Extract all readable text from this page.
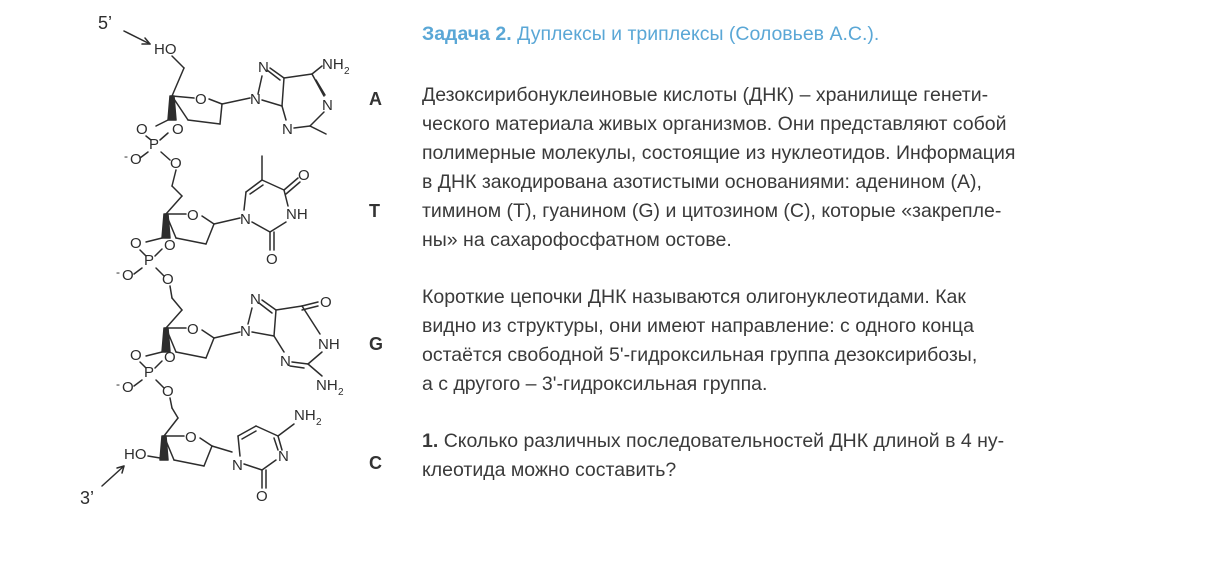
5’
HO
O
O
P
O
O
-	O
N
N
N
N
NH 2
A
O
O
P
O
O
-	O
N NH
O
O
T
O
O
P
O
O
-	O
N
N	O
NH
N
NH 2
G
O
HO
N
N
NH 2
O
C
3’
Задача 2. Дуплексы и триплексы (Соловьев А.С.).
Дезоксирибонуклеиновые кислоты (ДНК) – хранилище генети-
ческого материала живых организмов. Они представляют собой
полимерные молекулы, состоящие из нуклеотидов. Информация
в ДНК закодирована азотистыми основаниями: аденином (А),
тимином (Т), гуанином (G) и цитозином (С), которые «закрепле-
ны» на сахарофосфатном остове.
Короткие цепочки ДНК называются олигонуклеотидами. Как
видно из структуры, они имеют направление: с одного конца
остаётся свободной 5'-гидроксильная группа дезоксирибозы,
а с другого – 3'-гидроксильная группа.
1. Сколько различных последовательностей ДНК длиной в 4 ну-
клеотида можно составить?
